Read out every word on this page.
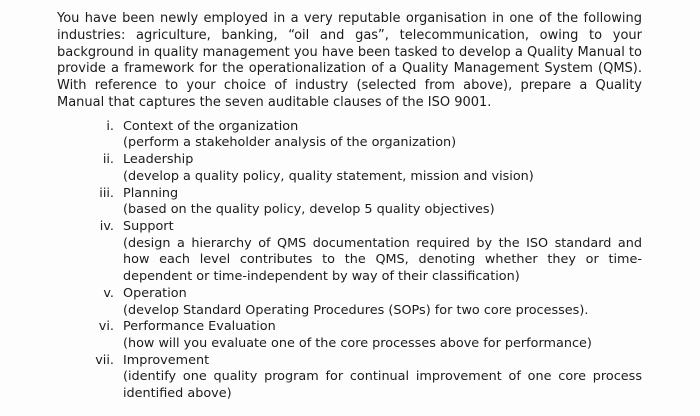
You have been newly employed in a very reputable organisation in one of the following industries: agriculture, banking, “oil and gas”, telecommunication, owing to your background in quality management you have been tasked to develop a Quality Manual to provide a framework for the operationalization of a Quality Management System (QMS). With reference to your choice of industry (selected from above), prepare a Quality Manual that captures the seven auditable clauses of the ISO 9001.

i. Context of the organization
(perform a stakeholder analysis of the organization)
ii. Leadership
(develop a quality policy, quality statement, mission and vision)
iii. Planning
(based on the quality policy, develop 5 quality objectives)
iv. Support
(design a hierarchy of QMS documentation required by the ISO standard and how each level contributes to the QMS, denoting whether they or time-dependent or time-independent by way of their classification)
v. Operation
(develop Standard Operating Procedures (SOPs) for two core processes).
vi. Performance Evaluation
(how will you evaluate one of the core processes above for performance)
vii. Improvement
(identify one quality program for continual improvement of one core process identified above)
